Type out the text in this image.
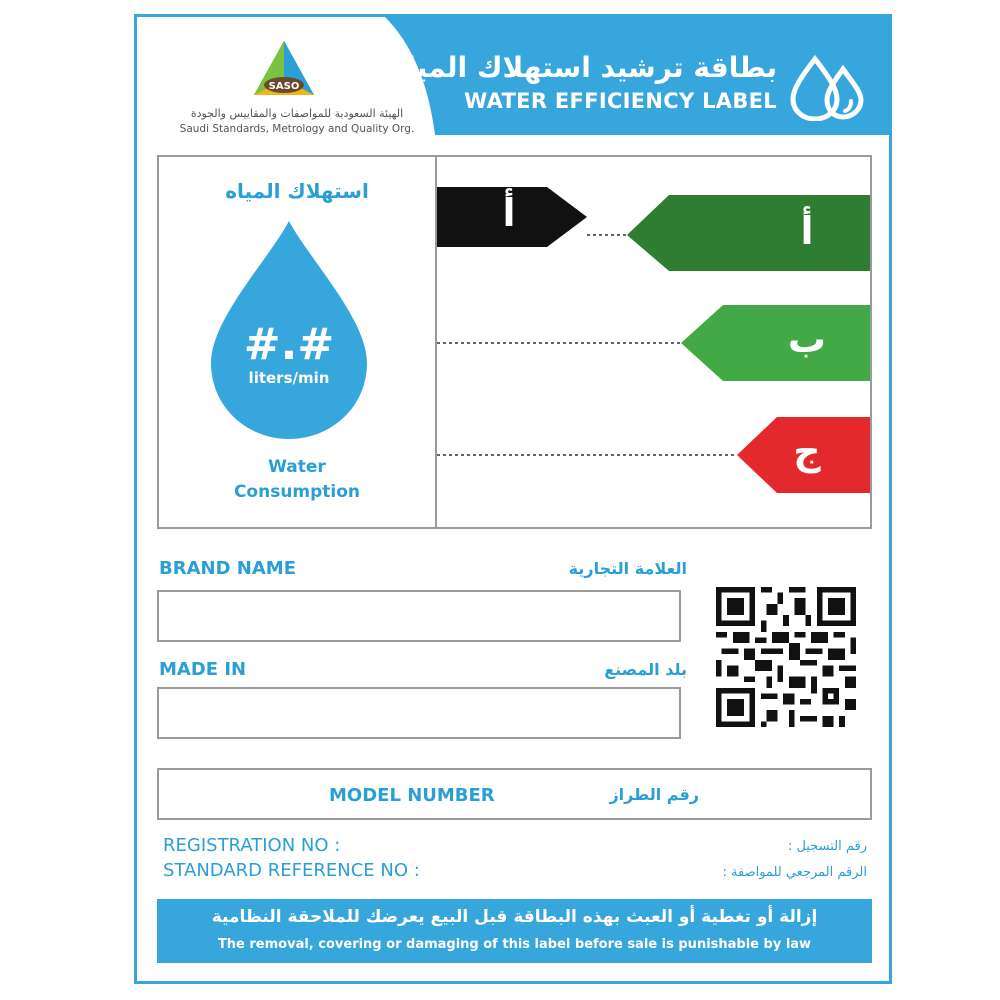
SASO
الهيئة السعودية للمواصفات والمقاييس والجودة
Saudi Standards, Metrology and Quality Org.
بطاقة ترشيد استهلاك المياه
WATER EFFICIENCY LABEL
استهلاك المياه
#.#
liters/min
Water
Consumption
أ	أ
ب
ج
BRAND NAME	العلامة التجارية
MADE IN	بلد المصنع
MODEL NUMBER	رقم الطراز
REGISTRATION NO :	رقم التسجيل :
STANDARD REFERENCE NO :	الرقم المرجعي للمواصفة :
إزالة أو تغطية أو العبث بهذه البطاقة قبل البيع يعرضك للملاحقة النظامية
The removal, covering or damaging of this label before sale is punishable by law
